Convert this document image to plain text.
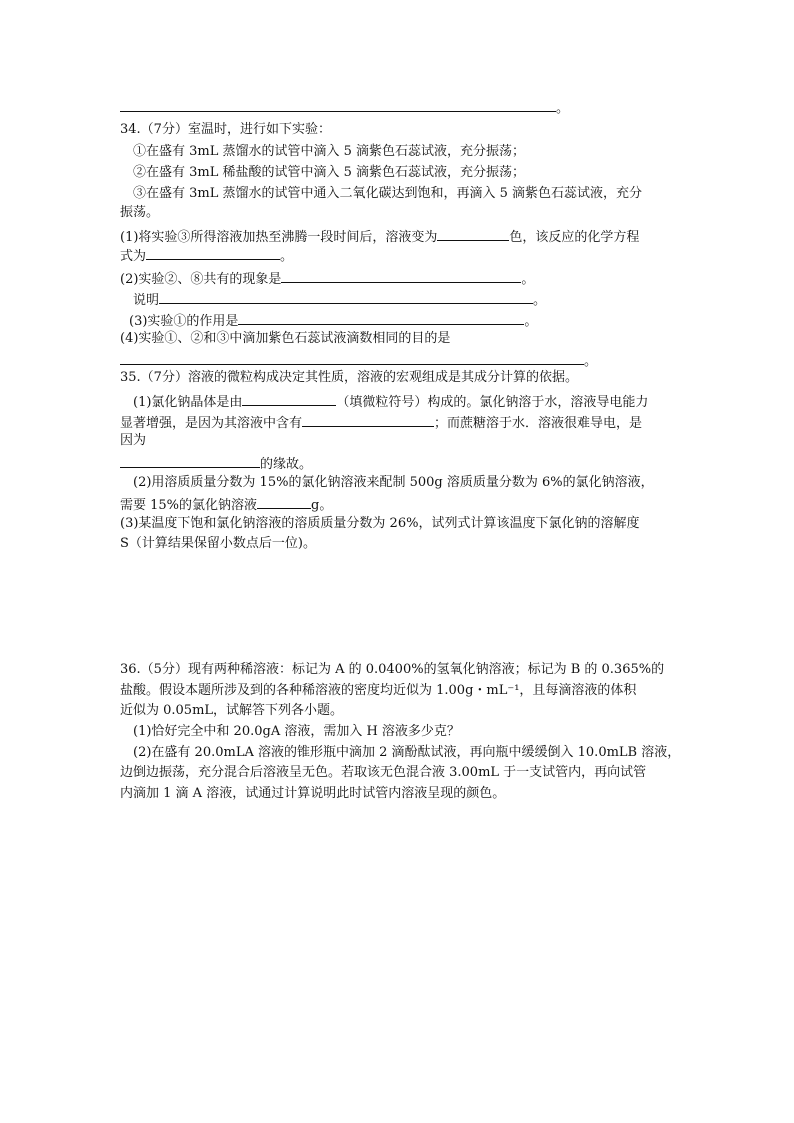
。
34.（7分）室温时，进行如下实验：
①在盛有 3mL 蒸馏水的试管中滴入 5 滴紫色石蕊试液，充分振荡；
②在盛有 3mL 稀盐酸的试管中滴入 5 滴紫色石蕊试液，充分振荡；
③在盛有 3mL 蒸馏水的试管中通入二氧化碳达到饱和，再滴入 5 滴紫色石蕊试液，充分
振荡。
(1)将实验③所得溶液加热至沸腾一段时间后，溶液变为	色，该反应的化学方程
式为	。
(2)实验②、⑧共有的现象是	。
说明	。
(3)实验①的作用是	。
(4)实验①、②和③中滴加紫色石蕊试液滴数相同的目的是
。
35.（7分）溶液的微粒构成决定其性质，溶液的宏观组成是其成分计算的依据。
(1)氯化钠晶体是由	（填微粒符号）构成的。氯化钠溶于水，溶液导电能力
显著增强，是因为其溶液中含有	；而蔗糖溶于水．溶液很难导电，是
因为
的缘故。
(2)用溶质质量分数为 15%的氯化钠溶液来配制 500g 溶质质量分数为 6%的氯化钠溶液，
需要 15%的氯化钠溶液	g。
(3)某温度下饱和氯化钠溶液的溶质质量分数为 26%，试列式计算该温度下氯化钠的溶解度
S（计算结果保留小数点后一位)。
36.（5分）现有两种稀溶液：标记为 A 的 0.0400%的氢氧化钠溶液；标记为 B 的 0.365%的
盐酸。假设本题所涉及到的各种稀溶液的密度均近似为 1.00g・mL⁻¹，且每滴溶液的体积
近似为 0.05mL，试解答下列各小题。
(1)恰好完全中和 20.0gA 溶液，需加入 H 溶液多少克？
(2)在盛有 20.0mLA 溶液的锥形瓶中滴加 2 滴酚酞试液，再向瓶中缓缓倒入 10.0mLB 溶液，
边倒边振荡，充分混合后溶液呈无色。若取该无色混合液 3.00mL 于一支试管内，再向试管
内滴加 1 滴 A 溶液，试通过计算说明此时试管内溶液呈现的颜色。
